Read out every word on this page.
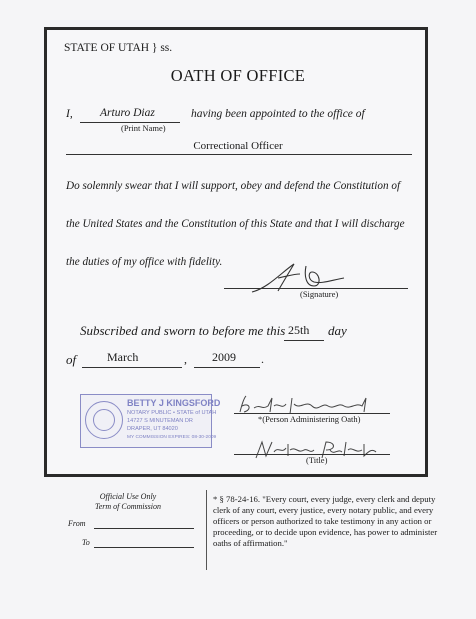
STATE OF UTAH } ss.
OATH OF OFFICE
I, Arturo Diaz	having been appointed to the office of
(Print Name)
Correctional Officer
Do solemnly swear that I will support, obey and defend the Constitution of
the United States and the Constitution of this State and that I will discharge
the duties of my office with fidelity.
(Signature)
Subscribed and sworn to before me this 25th day
of	March	, 2009 .
BETTY J KINGSFORD
NOTARY PUBLIC • STATE of UTAH
14727 S MINUTEMAN DR
DRAPER, UT 84020
MY COMMISSION EXPIRES: 08-30-2009
*(Person Administering Oath)
(Title)
Official Use Only
Term of Commission
From
To
* § 78-24-16. "Every court, every judge, every clerk and deputy clerk of any court, every justice, every notary public, and every officers or person authorized to take testimony in any action or proceeding, or to decide upon evidence, has power to administer oaths of affirmation."
